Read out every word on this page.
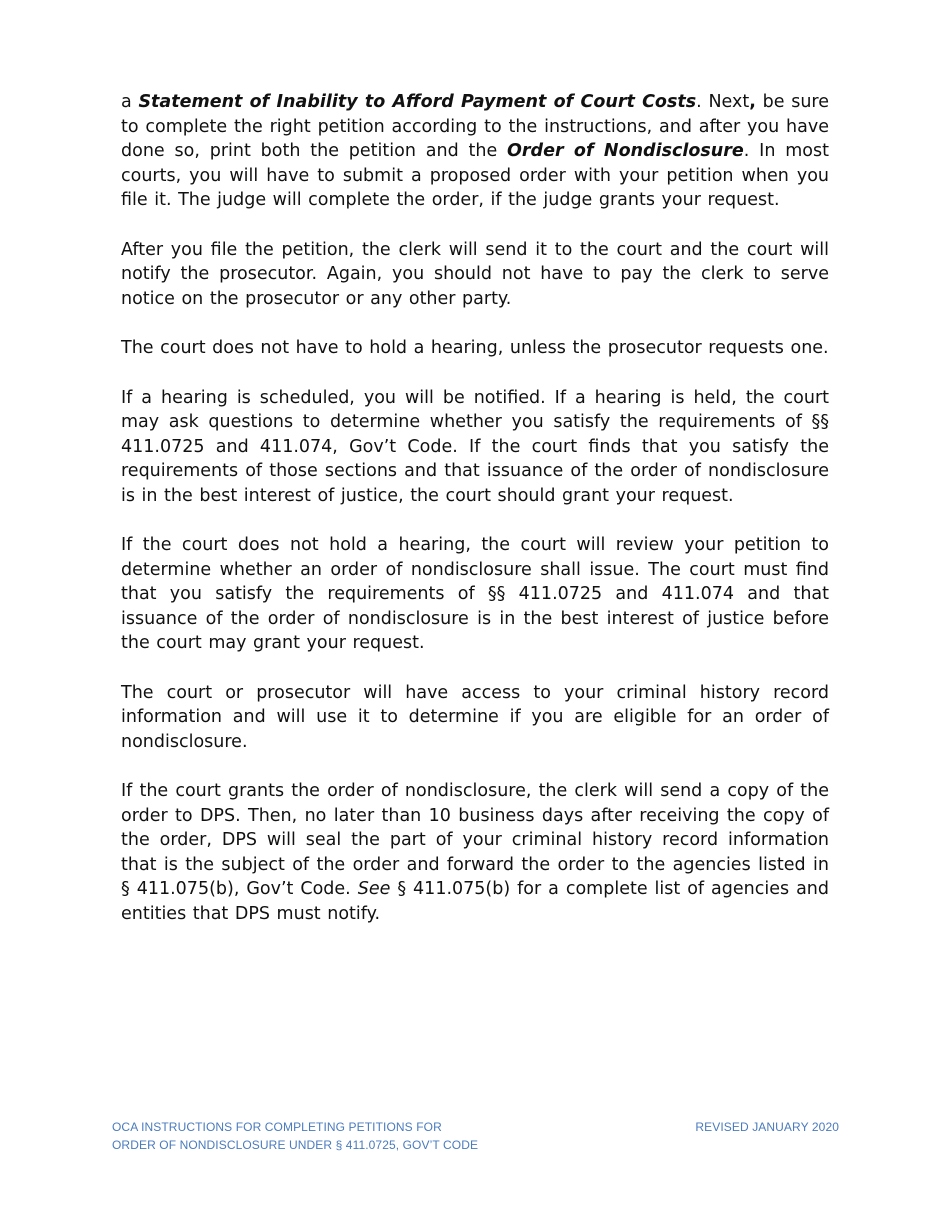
a Statement of Inability to Afford Payment of Court Costs. Next, be sure to complete the right petition according to the instructions, and after you have done so, print both the petition and the Order of Nondisclosure. In most courts, you will have to submit a proposed order with your petition when you file it. The judge will complete the order, if the judge grants your request.

After you file the petition, the clerk will send it to the court and the court will notify the prosecutor. Again, you should not have to pay the clerk to serve notice on the prosecutor or any other party.

The court does not have to hold a hearing, unless the prosecutor requests one.

If a hearing is scheduled, you will be notified. If a hearing is held, the court may ask questions to determine whether you satisfy the requirements of §§ 411.0725 and 411.074, Gov’t Code. If the court finds that you satisfy the requirements of those sections and that issuance of the order of nondisclosure is in the best interest of justice, the court should grant your request.

If the court does not hold a hearing, the court will review your petition to determine whether an order of nondisclosure shall issue. The court must find that you satisfy the requirements of §§ 411.0725 and 411.074 and that issuance of the order of nondisclosure is in the best interest of justice before the court may grant your request.

The court or prosecutor will have access to your criminal history record information and will use it to determine if you are eligible for an order of nondisclosure.

If the court grants the order of nondisclosure, the clerk will send a copy of the order to DPS. Then, no later than 10 business days after receiving the copy of the order, DPS will seal the part of your criminal history record information that is the subject of the order and forward the order to the agencies listed in § 411.075(b), Gov’t Code. See § 411.075(b) for a complete list of agencies and entities that DPS must notify.

OCA INSTRUCTIONS FOR COMPLETING PETITIONS FOR
ORDER OF NONDISCLOSURE UNDER § 411.0725, GOV’T CODE
REVISED JANUARY 2020
